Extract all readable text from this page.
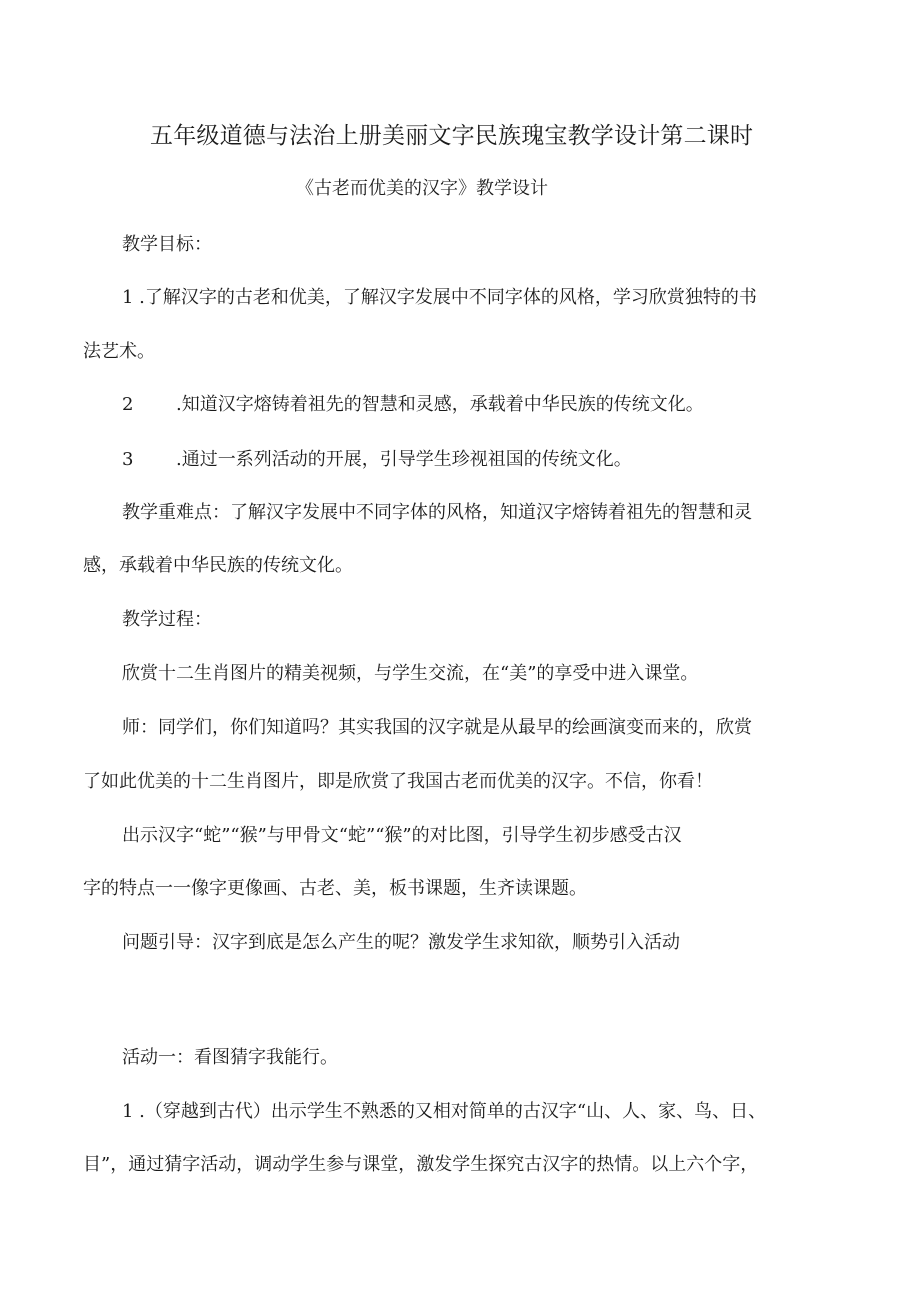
五年级道德与法治上册美丽文字民族瑰宝教学设计第二课时
《古老而优美的汉字》教学设计
教学目标：
1 .了解汉字的古老和优美，了解汉字发展中不同字体的风格，学习欣赏独特的书
法艺术。
2 .知道汉字熔铸着祖先的智慧和灵感，承载着中华民族的传统文化。
3 .通过一系列活动的开展，引导学生珍视祖国的传统文化。
教学重难点：了解汉字发展中不同字体的风格，知道汉字熔铸着祖先的智慧和灵
感，承载着中华民族的传统文化。
教学过程：
欣赏十二生肖图片的精美视频，与学生交流，在“美”的享受中进入课堂。
师：同学们，你们知道吗？其实我国的汉字就是从最早的绘画演变而来的，欣赏
了如此优美的十二生肖图片，即是欣赏了我国古老而优美的汉字。不信，你看！
出示汉字“蛇”“猴”与甲骨文“蛇”“猴”的对比图，引导学生初步感受古汉
字的特点一一像字更像画、古老、美，板书课题，生齐读课题。
问题引导：汉字到底是怎么产生的呢？激发学生求知欲，顺势引入活动
活动一：看图猜字我能行。
1 .（穿越到古代）出示学生不熟悉的又相对简单的古汉字“山、人、家、鸟、日、
目”，通过猜字活动，调动学生参与课堂，激发学生探究古汉字的热情。以上六个字，
